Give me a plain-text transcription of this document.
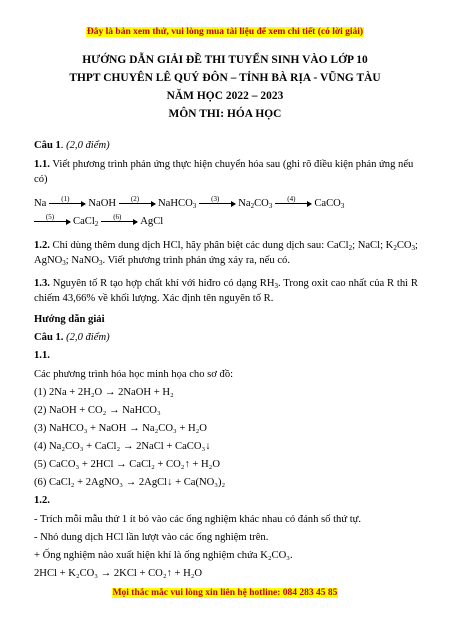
Đây là bản xem thử, vui lòng mua tài liệu để xem chi tiết (có lời giải)
HƯỚNG DẪN GIẢI ĐỀ THI TUYỂN SINH VÀO LỚP 10
THPT CHUYÊN LÊ QUÝ ĐÔN – TỈNH BÀ RỊA - VŨNG TÀU
NĂM HỌC 2022 – 2023
MÔN THI: HÓA HỌC
Câu 1. (2,0 điểm)
1.1. Viết phương trình phản ứng thực hiện chuyển hóa sau (ghi rõ điều kiện phản ứng nếu có)
Na	(1)	NaOH	(2)	NaHCO$_3$
(3)	$Na_2CO_3$
(4)	CaCO$_3$
(5)	CaCl$_2$
(6)	AgCl
1.2. Chỉ dùng thêm dung dịch HCl, hãy phân biệt các dung dịch sau: CaCl$_2$; NaCl; $K_2CO_3$; AgNO$_3$; NaNO$_3$. Viết phương trình phản ứng xảy ra, nếu có.
1.3. Nguyên tố R tạo hợp chất khí với hiđro có dạng $RH_3$. Trong oxit cao nhất của R thì R chiếm 43,66% về khối lượng. Xác định tên nguyên tố R.
Hướng dẫn giải
Câu 1. (2,0 điểm)
1.1.
Các phương trình hóa học minh họa cho sơ đồ:
(1) 2Na + 2H₂O → 2NaOH + H₂
(2) NaOH + CO₂ → NaHCO₃
(3) NaHCO₃ + NaOH → Na₂CO₃ + H₂O
(4) Na₂CO₃ + CaCl₂ → 2NaCl + CaCO₃↓
(5) CaCO₃ + 2HCl → CaCl₂ + CO₂↑ + H₂O
(6) CaCl₂ + 2AgNO₃ → 2AgCl↓ + Ca(NO₃)₂
1.2.
- Trích mỗi mẫu thử 1 ít bỏ vào các ống nghiệm khác nhau có đánh số thứ tự.
- Nhỏ dung dịch HCl lần lượt vào các ống nghiệm trên.
+ Ống nghiệm nào xuất hiện khí là ống nghiệm chứa K₂CO₃.
2HCl + K₂CO₃ → 2KCl + CO₂↑ + H₂O
Mọi thắc mắc vui lòng xin liên hệ hotline: 084 283 45 85
